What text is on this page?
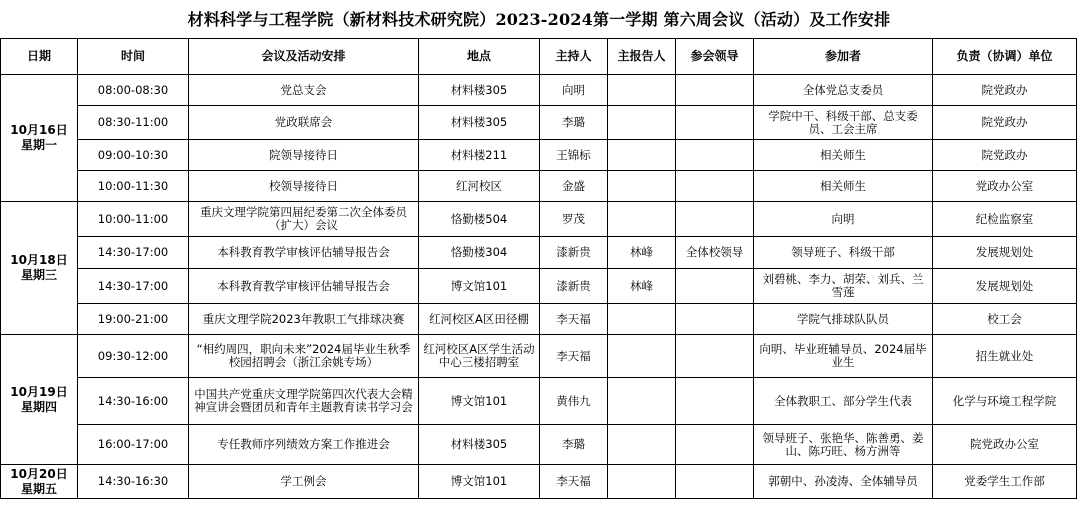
材料科学与工程学院（新材料技术研究院）2023-2024第一学期 第六周会议（活动）及工作安排
日期	时间	会议及活动安排	地点	主持人	主报告人	参会领导	参加者	负责（协调）单位

10月16日
星期一	08:00-08:30	党总支会	材料楼305	向明			全体党总支委员	院党政办
	08:30-11:00	党政联席会	材料楼305	李璐			学院中干、科级干部、总支委员、工会主席	院党政办
	09:00-10:30	院领导接待日	材料楼211	王锦标			相关师生	院党政办
	10:00-11:30	校领导接待日	红河校区	金盛			相关师生	党政办公室

10月18日
星期三	10:00-11:00	重庆文理学院第四届纪委第二次全体委员（扩大）会议	恪勤楼504	罗茂			向明	纪检监察室
	14:30-17:00	本科教育教学审核评估辅导报告会	恪勤楼304	漆新贵	林峰	全体校领导	领导班子、科级干部	发展规划处
	14:30-17:00	本科教育教学审核评估辅导报告会	博文馆101	漆新贵	林峰		刘碧桃、李力、胡荣、刘兵、兰雪莲	发展规划处
	19:00-21:00	重庆文理学院2023年教职工气排球决赛	红河校区A区田径棚	李天福			学院气排球队队员	校工会

10月19日
星期四	09:30-12:00	“相约周四，职向未来”2024届毕业生秋季校园招聘会（浙江余姚专场）	红河校区A区学生活动中心三楼招聘室	李天福			向明、毕业班辅导员、2024届毕业生	招生就业处
	14:30-16:00	中国共产党重庆文理学院第四次代表大会精神宣讲会暨团员和青年主题教育读书学习会	博文馆101	黄伟九			全体教职工、部分学生代表	化学与环境工程学院
	16:00-17:00	专任教师序列绩效方案工作推进会	材料楼305	李璐			领导班子、张艳华、陈善勇、姜山、陈巧旺、杨方洲等	院党政办公室

10月20日
星期五	14:30-16:30	学工例会	博文馆101	李天福			郭朝中、孙凌涛、全体辅导员	党委学生工作部
